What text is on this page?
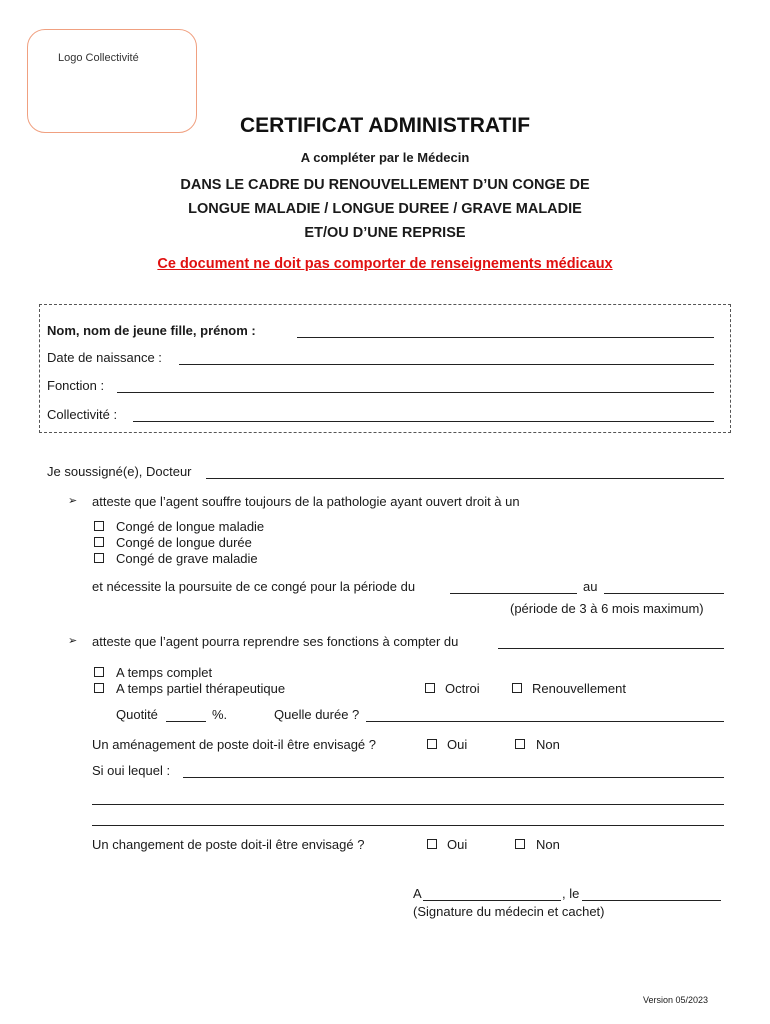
Logo Collectivité
CERTIFICAT ADMINISTRATIF
A compléter par le Médecin
DANS LE CADRE DU RENOUVELLEMENT D’UN CONGE DE
LONGUE MALADIE / LONGUE DUREE / GRAVE MALADIE
ET/OU D’UNE REPRISE
Ce document ne doit pas comporter de renseignements médicaux
Nom, nom de jeune fille, prénom :
Date de naissance :
Fonction :
Collectivité :
Je soussigné(e), Docteur
➢ atteste que l’agent souffre toujours de la pathologie ayant ouvert droit à un
Congé de longue maladie
Congé de longue durée
Congé de grave maladie
et nécessite la poursuite de ce congé pour la période du	au
(période de 3 à 6 mois maximum)
➢ atteste que l’agent pourra reprendre ses fonctions à compter du
A temps complet
A temps partiel thérapeutique	Octroi	Renouvellement
Quotité	%.	Quelle durée ?
Un aménagement de poste doit-il être envisagé ?	Oui	Non
Si oui lequel :
Un changement de poste doit-il être envisagé ?	Oui	Non
A	, le
(Signature du médecin et cachet)
Version 05/2023
